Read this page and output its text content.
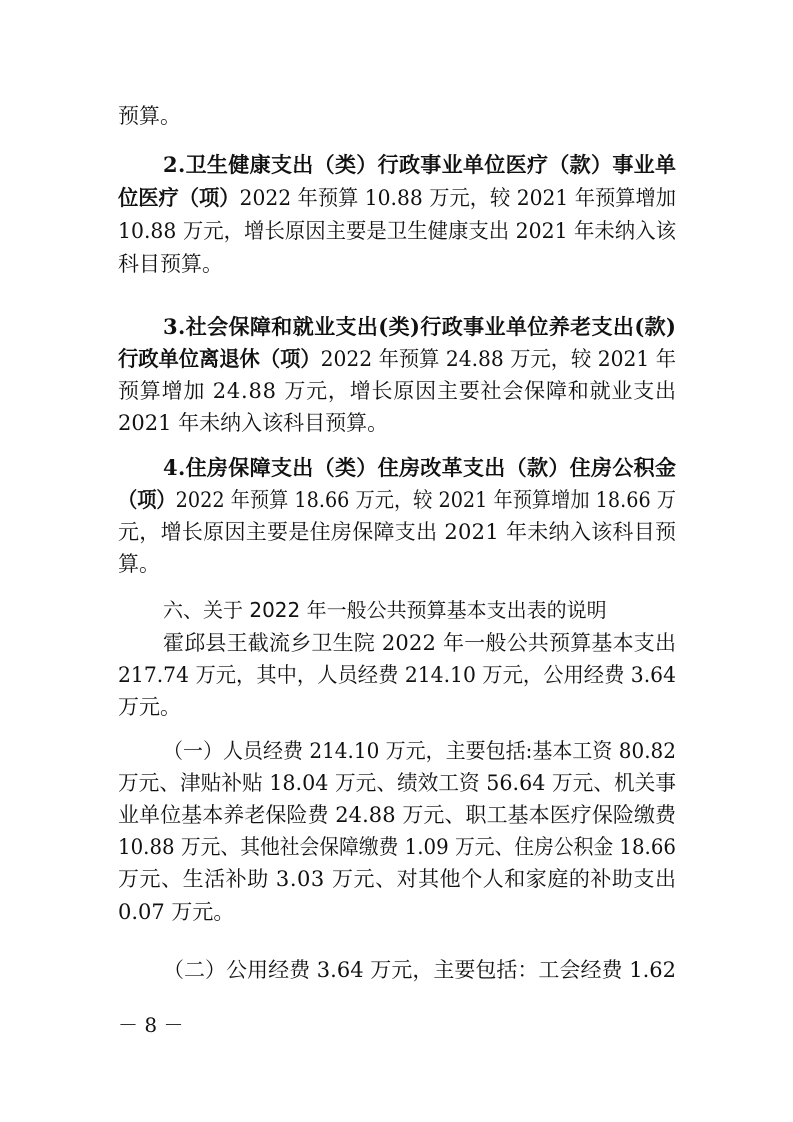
预算。
2.卫生健康支出（类）行政事业单位医疗（款）事业单
位医疗（项）2022 年预算 10.88 万元，较 2021 年预算增加
10.88 万元，增长原因主要是卫生健康支出 2021 年未纳入该
科目预算。
3.社会保障和就业支出(类)行政事业单位养老支出(款)
行政单位离退休（项）2022 年预算 24.88 万元，较 2021 年
预算增加 24.88 万元，增长原因主要社会保障和就业支出
2021 年未纳入该科目预算。
4.住房保障支出（类）住房改革支出（款）住房公积金
（项）2022 年预算 18.66 万元，较 2021 年预算增加 18.66 万
元，增长原因主要是住房保障支出 2021 年未纳入该科目预
算。
六、关于 2022 年一般公共预算基本支出表的说明
霍邱县王截流乡卫生院 2022 年一般公共预算基本支出
217.74 万元，其中，人员经费 214.10 万元，公用经费 3.64
万元。
（一）人员经费 214.10 万元，主要包括:基本工资 80.82
万元、津贴补贴 18.04 万元、绩效工资 56.64 万元、机关事
业单位基本养老保险费 24.88 万元、职工基本医疗保险缴费
10.88 万元、其他社会保障缴费 1.09 万元、住房公积金 18.66
万元、生活补助 3.03 万元、对其他个人和家庭的补助支出
0.07 万元。
（二）公用经费 3.64 万元，主要包括：工会经费 1.62
－ 8 －
